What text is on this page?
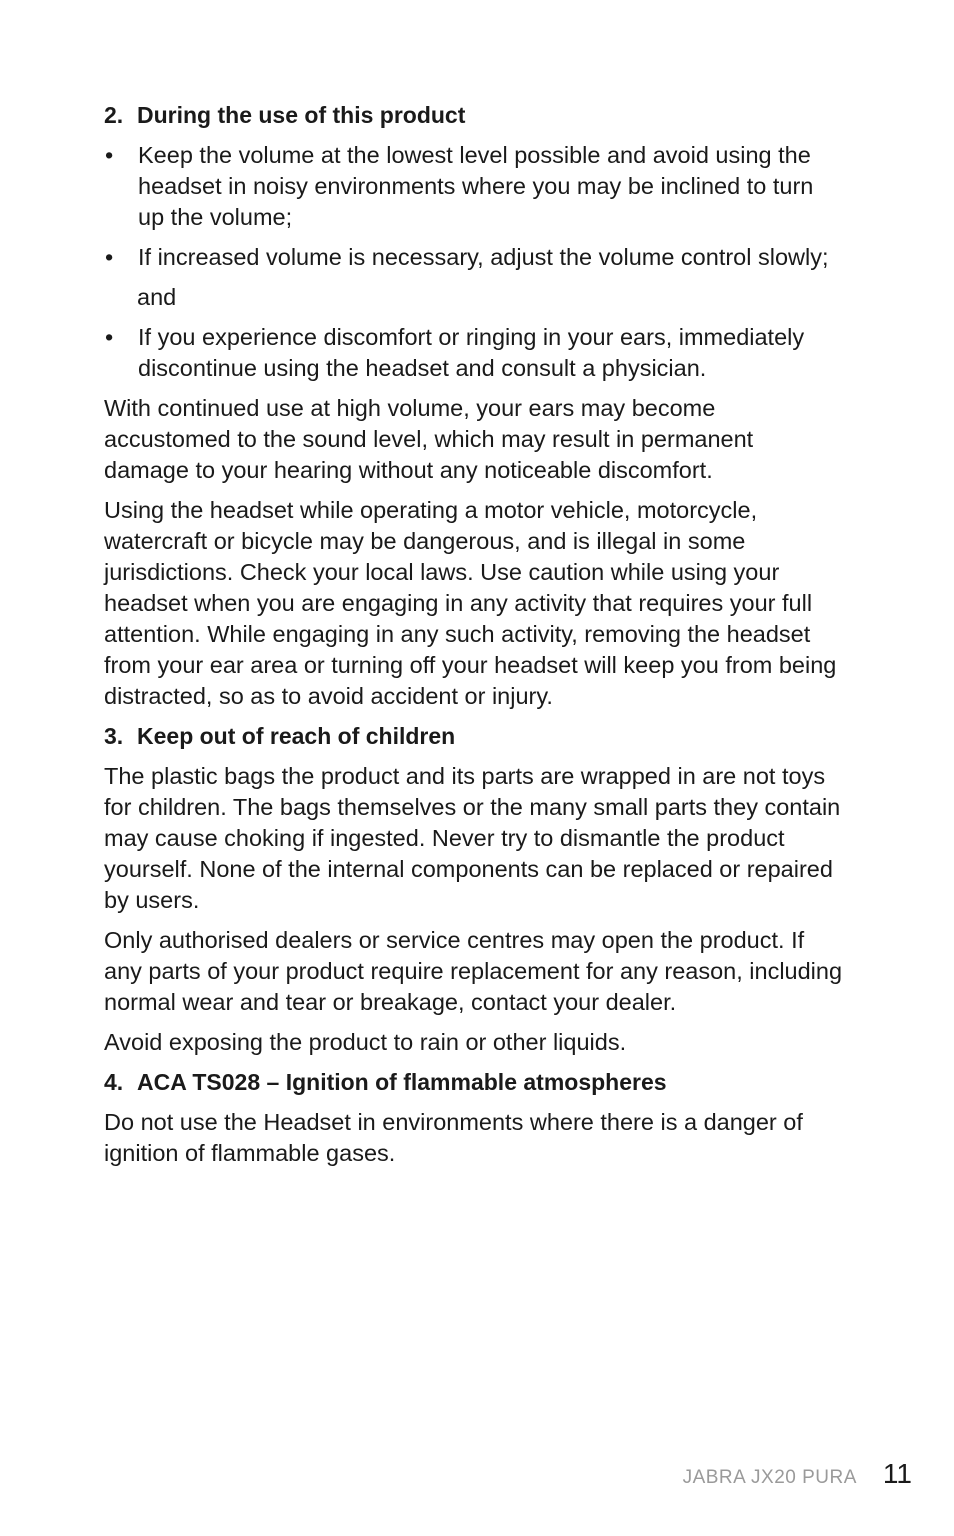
2. During the use of this product
•	Keep the volume at the lowest level possible and avoid using the headset in noisy environments where you may be inclined to turn up the volume;
•	If increased volume is necessary, adjust the volume control slowly;
and
•	If you experience discomfort or ringing in your ears, immediately discontinue using the headset and consult a physician.

With continued use at high volume, your ears may become accustomed to the sound level, which may result in permanent damage to your hearing without any noticeable discomfort.

Using the headset while operating a motor vehicle, motorcycle, watercraft or bicycle may be dangerous, and is illegal in some jurisdictions. Check your local laws. Use caution while using your headset when you are engaging in any activity that requires your full attention. While engaging in any such activity, removing the headset from your ear area or turning off your headset will keep you from being distracted, so as to avoid accident or injury.

3. Keep out of reach of children

The plastic bags the product and its parts are wrapped in are not toys for children. The bags themselves or the many small parts they contain may cause choking if ingested. Never try to dismantle the product yourself. None of the internal components can be replaced or repaired by users.

Only authorised dealers or service centres may open the product. If any parts of your product require replacement for any reason, including normal wear and tear or breakage, contact your dealer.

Avoid exposing the product to rain or other liquids.

4. ACA TS028 – Ignition of flammable atmospheres

Do not use the Headset in environments where there is a danger of ignition of flammable gases.

JABRA JX20 PURA 11
